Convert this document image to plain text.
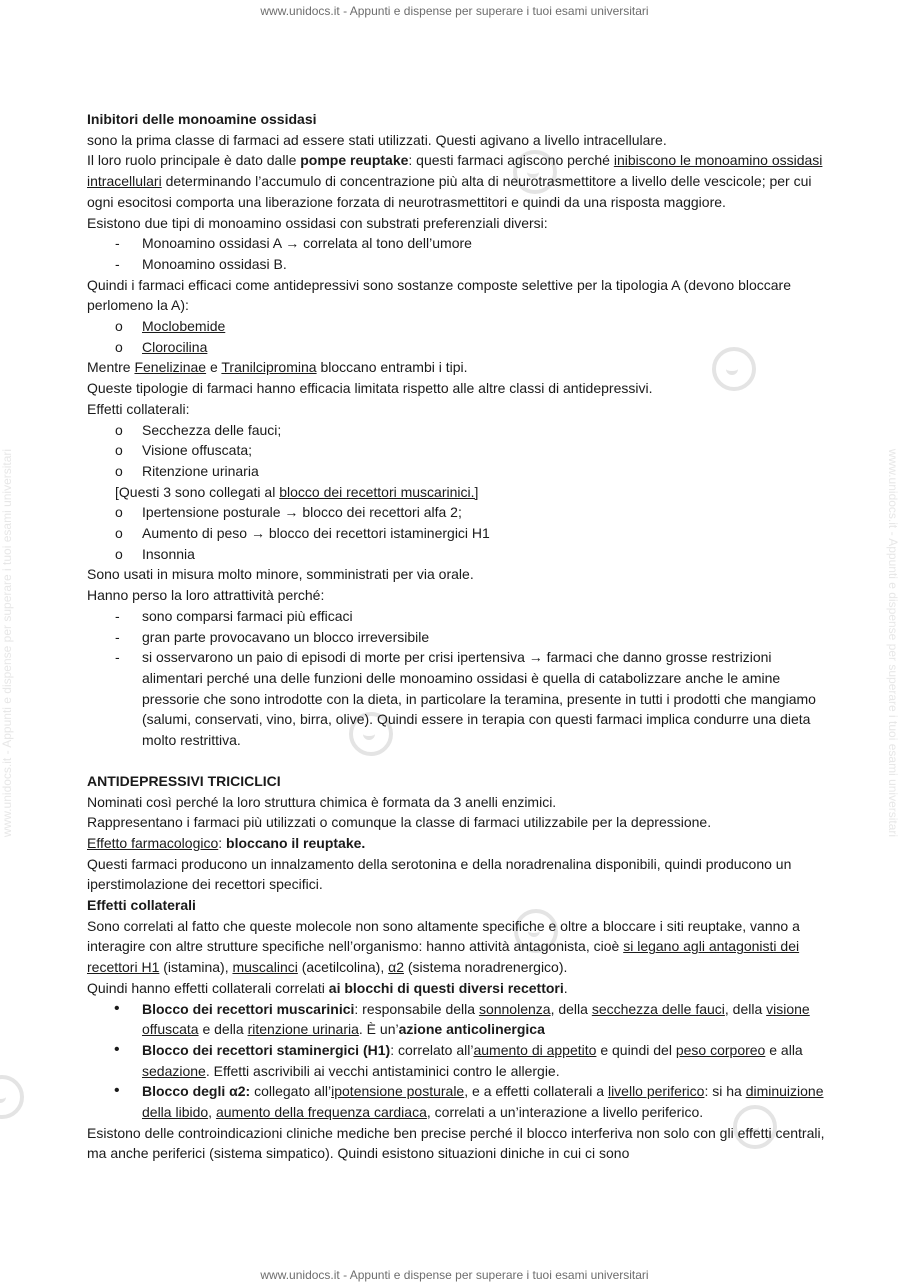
www.unidocs.it - Appunti e dispense per superare i tuoi esami universitari
www.unidocs.it - Appunti e dispense per superare i tuoi esami universitari	www.unidocs.it - Appunti e dispense per superare i tuoi esami universitari

Inibitori delle monoamine ossidasi

sono la prima classe di farmaci ad essere stati utilizzati. Questi agivano a livello intracellulare.

Il loro ruolo principale è dato dalle pompe reuptake: questi farmaci agiscono perché inibiscono le monoamino ossidasi intracellulari determinando l’accumulo di concentrazione più alta di neurotrasmettitore a livello delle vescicole; per cui ogni esocitosi comporta una liberazione forzata di neurotrasmettitori e quindi da una risposta maggiore.

Esistono due tipi di monoamino ossidasi con substrati preferenziali diversi:

- Monoamino ossidasi A → correlata al tono dell’umore
- Monoamino ossidasi B.

Quindi i farmaci efficaci come antidepressivi sono sostanze composte selettive per la tipologia A (devono bloccare perlomeno la A):

o Moclobemide
o Clorocilina

Mentre Fenelizinae e Tranilcipromina bloccano entrambi i tipi.

Queste tipologie di farmaci hanno efficacia limitata rispetto alle altre classi di antidepressivi.

Effetti collaterali:

o Secchezza delle fauci;
o Visione offuscata;
o Ritenzione urinaria

[Questi 3 sono collegati al blocco dei recettori muscarinici.]

o Ipertensione posturale → blocco dei recettori alfa 2;
o Aumento di peso → blocco dei recettori istaminergici H1
o Insonnia

Sono usati in misura molto minore, somministrati per via orale.

Hanno perso la loro attrattività perché:

- sono comparsi farmaci più efficaci
- gran parte provocavano un blocco irreversibile
- si osservarono un paio di episodi di morte per crisi ipertensiva → farmaci che danno grosse restrizioni alimentari perché una delle funzioni delle monoamino ossidasi è quella di catabolizzare anche le amine pressorie che sono introdotte con la dieta, in particolare la teramina, presente in tutti i prodotti che mangiamo (salumi, conservati, vino, birra, olive). Quindi essere in terapia con questi farmaci implica condurre una dieta molto restrittiva.

ANTIDEPRESSIVI TRICICLICI

Nominati così perché la loro struttura chimica è formata da 3 anelli enzimici.

Rappresentano i farmaci più utilizzati o comunque la classe di farmaci utilizzabile per la depressione.

Effetto farmacologico: bloccano il reuptake.

Questi farmaci producono un innalzamento della serotonina e della noradrenalina disponibili, quindi producono un iperstimolazione dei recettori specifici.

Effetti collaterali

Sono correlati al fatto che queste molecole non sono altamente specifiche e oltre a bloccare i siti reuptake, vanno a interagire con altre strutture specifiche nell’organismo: hanno attività antagonista, cioè si legano agli antagonisti dei recettori H1 (istamina), muscalinci (acetilcolina), α2 (sistema noradrenergico).

Quindi hanno effetti collaterali correlati ai blocchi di questi diversi recettori.

• Blocco dei recettori muscarinici: responsabile della sonnolenza, della secchezza delle fauci, della visione offuscata e della ritenzione urinaria. È un’azione anticolinergica
• Blocco dei recettori staminergici (H1): correlato all’aumento di appetito e quindi del peso corporeo e alla sedazione. Effetti ascrivibili ai vecchi antistaminici contro le allergie.
• Blocco degli α2: collegato all’ipotensione posturale, e a effetti collaterali a livello periferico: si ha diminuizione della libido, aumento della frequenza cardiaca, correlati a un’interazione a livello periferico.

Esistono delle controindicazioni cliniche mediche ben precise perché il blocco interferiva non solo con gli effetti centrali, ma anche periferici (sistema simpatico). Quindi esistono situazioni diniche in cui ci sono

www.unidocs.it - Appunti e dispense per superare i tuoi esami universitari
